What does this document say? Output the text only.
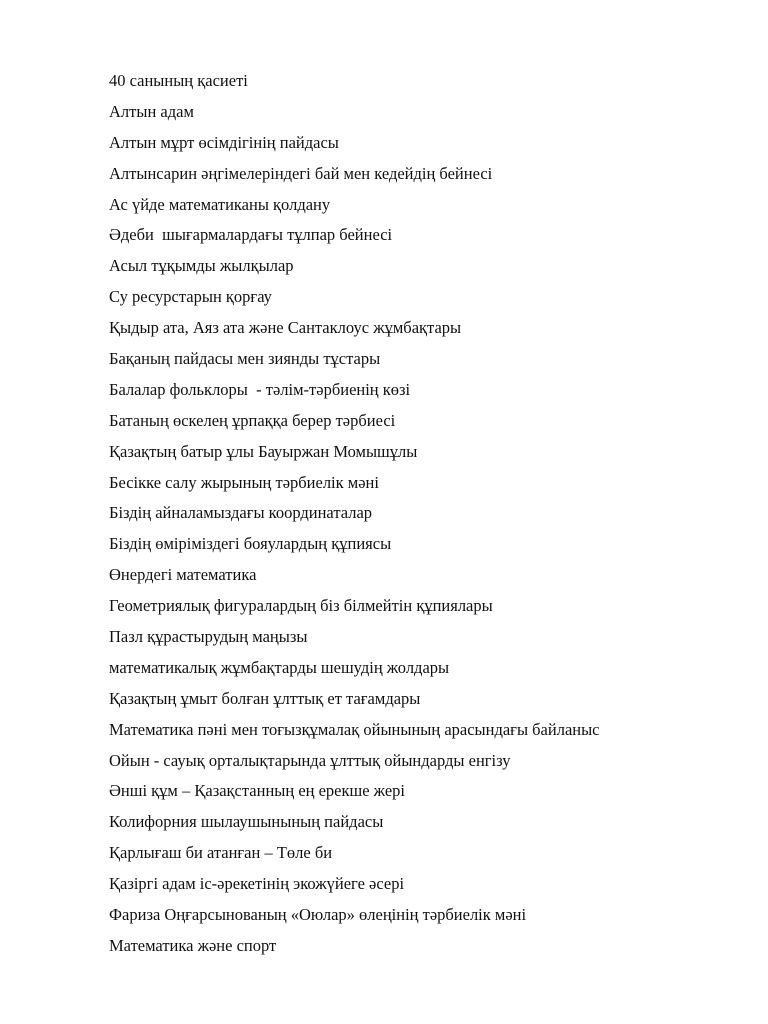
40 санының қасиеті
Алтын адам
Алтын мұрт өсімдігінің пайдасы
Алтынсарин әңгімелеріндегі бай мен кедейдің бейнесі
Ас үйде математиканы қолдану
Әдеби  шығармалардағы тұлпар бейнесі
Асыл тұқымды жылқылар
Су ресурстарын қорғау
Қыдыр ата, Аяз ата және Сантаклоус жұмбақтары
Бақаның пайдасы мен зиянды тұстары
Балалар фольклоры  - тәлім-тәрбиенің көзі
Батаның өскелең ұрпаққа берер тәрбиесі
Қазақтың батыр ұлы Бауыржан Момышұлы
Бесікке салу жырының тәрбиелік мәні
Біздің айналамыздағы координаталар
Біздің өміріміздегі бояулардың құпиясы
Өнердегі математика
Геометриялық фигуралардың біз білмейтін құпиялары
Пазл құрастырудың маңызы
математикалық жұмбақтарды шешудің жолдары
Қазақтың ұмыт болған ұлттық ет тағамдары
Математика пәні мен тоғызқұмалақ ойынының арасындағы байланыс
Ойын - сауық орталықтарында ұлттық ойындарды енгізу
Әнші құм – Қазақстанның ең ерекше жері
Колифорния шылаушынының пайдасы
Қарлығаш би атанған – Төле би
Қазіргі адам іс-әрекетінің экожүйеге әсері
Фариза Оңғарсынованың «Оюлар» өлеңінің тәрбиелік мәні
Математика және спорт
